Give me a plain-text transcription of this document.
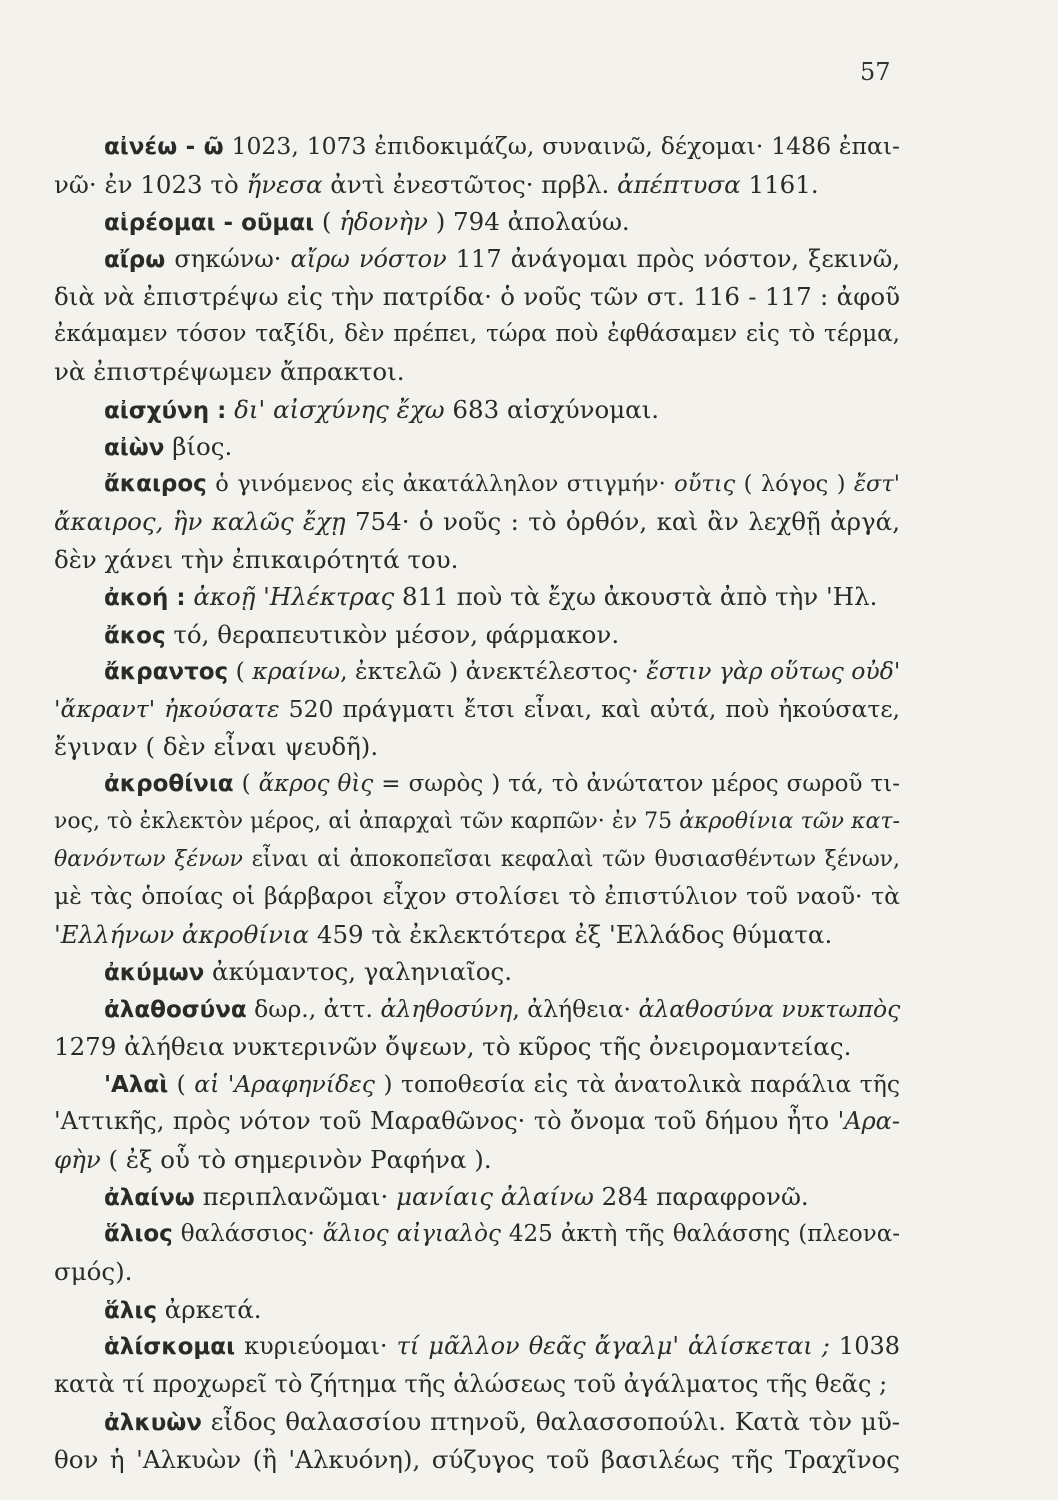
57
αἰνέω - ῶ 1023, 1073 ἐπιδοκιμάζω, συναινῶ, δέχομαι· 1486 ἐπαι-
νῶ· ἐν 1023 τὸ ἤνεσα ἀντὶ ἐνεστῶτος· πρβλ. ἀπέπτυσα 1161.
αἱρέομαι - οῦμαι ( ἡδονὴν ) 794 ἀπολαύω.
αἴρω σηκώνω· αἴρω νόστον 117 ἀνάγομαι πρὸς νόστον, ξεκινῶ,
διὰ νὰ ἐπιστρέψω εἰς τὴν πατρίδα· ὁ νοῦς τῶν στ. 116 - 117 : ἀφοῦ
ἐκάμαμεν τόσον ταξίδι, δὲν πρέπει, τώρα ποὺ ἐφθάσαμεν εἰς τὸ τέρμα,
νὰ ἐπιστρέψωμεν ἄπρακτοι.
αἰσχύνη : δι' αἰσχύνης ἔχω 683 αἰσχύνομαι.
αἰὼν βίος.
ἄκαιρος ὁ γινόμενος εἰς ἀκατάλληλον στιγμήν· οὔτις ( λόγος ) ἔστ'
ἄκαιρος, ἣν καλῶς ἔχῃ 754· ὁ νοῦς : τὸ ὀρθόν, καὶ ἂν λεχθῇ ἀργά,
δὲν χάνει τὴν ἐπικαιρότητά του.
ἀκοή : ἀκοῇ 'Ηλέκτρας 811 ποὺ τὰ ἔχω ἀκουστὰ ἀπὸ τὴν 'Ηλ.
ἄκος τό, θεραπευτικὸν μέσον, φάρμακον.
ἄκραντος ( κραίνω, ἐκτελῶ ) ἀνεκτέλεστος· ἔστιν γὰρ οὕτως οὐδ'
'ἄκραντ' ἠκούσατε 520 πράγματι ἔτσι εἶναι, καὶ αὐτά, ποὺ ἠκούσατε,
ἔγιναν ( δὲν εἶναι ψευδῆ).
ἀκροθίνια ( ἄκρος θὶς = σωρὸς ) τά, τὸ ἀνώτατον μέρος σωροῦ τι-
νος, τὸ ἐκλεκτὸν μέρος, αἱ ἀπαρχαὶ τῶν καρπῶν· ἐν 75 ἀκροθίνια τῶν κατ-
θανόντων ξένων εἶναι αἱ ἀποκοπεῖσαι κεφαλαὶ τῶν θυσιασθέντων ξένων,
μὲ τὰς ὁποίας οἱ βάρβαροι εἶχον στολίσει τὸ ἐπιστύλιον τοῦ ναοῦ· τὰ
'Ελλήνων ἀκροθίνια 459 τὰ ἐκλεκτότερα ἐξ 'Ελλάδος θύματα.
ἀκύμων ἀκύμαντος, γαληνιαῖος.
ἀλαθοσύνα δωρ., ἀττ. ἀληθοσύνη, ἀλήθεια· ἀλαθοσύνα νυκτωπὸς
1279 ἀλήθεια νυκτερινῶν ὄψεων, τὸ κῦρος τῆς ὀνειρομαντείας.
'Αλαὶ ( αἱ 'Αραφηνίδες ) τοποθεσία εἰς τὰ ἀνατολικὰ παράλια τῆς
'Αττικῆς, πρὸς νότον τοῦ Μαραθῶνος· τὸ ὄνομα τοῦ δήμου ἦτο 'Αρα-
φὴν ( ἐξ οὗ τὸ σημερινὸν Ραφήνα ).
ἀλαίνω περιπλανῶμαι· μανίαις ἀλαίνω 284 παραφρονῶ.
ἅλιος θαλάσσιος· ἅλιος αἰγιαλὸς 425 ἀκτὴ τῆς θαλάσσης (πλεονα-
σμός).
ἅλις ἀρκετά.
ἁλίσκομαι κυριεύομαι· τί μᾶλλον θεᾶς ἄγαλμ' ἁλίσκεται ; 1038
κατὰ τί προχωρεῖ τὸ ζήτημα τῆς ἁλώσεως τοῦ ἀγάλματος τῆς θεᾶς ;
ἀλκυὼν εἶδος θαλασσίου πτηνοῦ, θαλασσοπούλι. Κατὰ τὸν μῦ-
θον ἡ 'Αλκυὼν (ἢ 'Αλκυόνη), σύζυγος τοῦ βασιλέως τῆς Τραχῖνος
